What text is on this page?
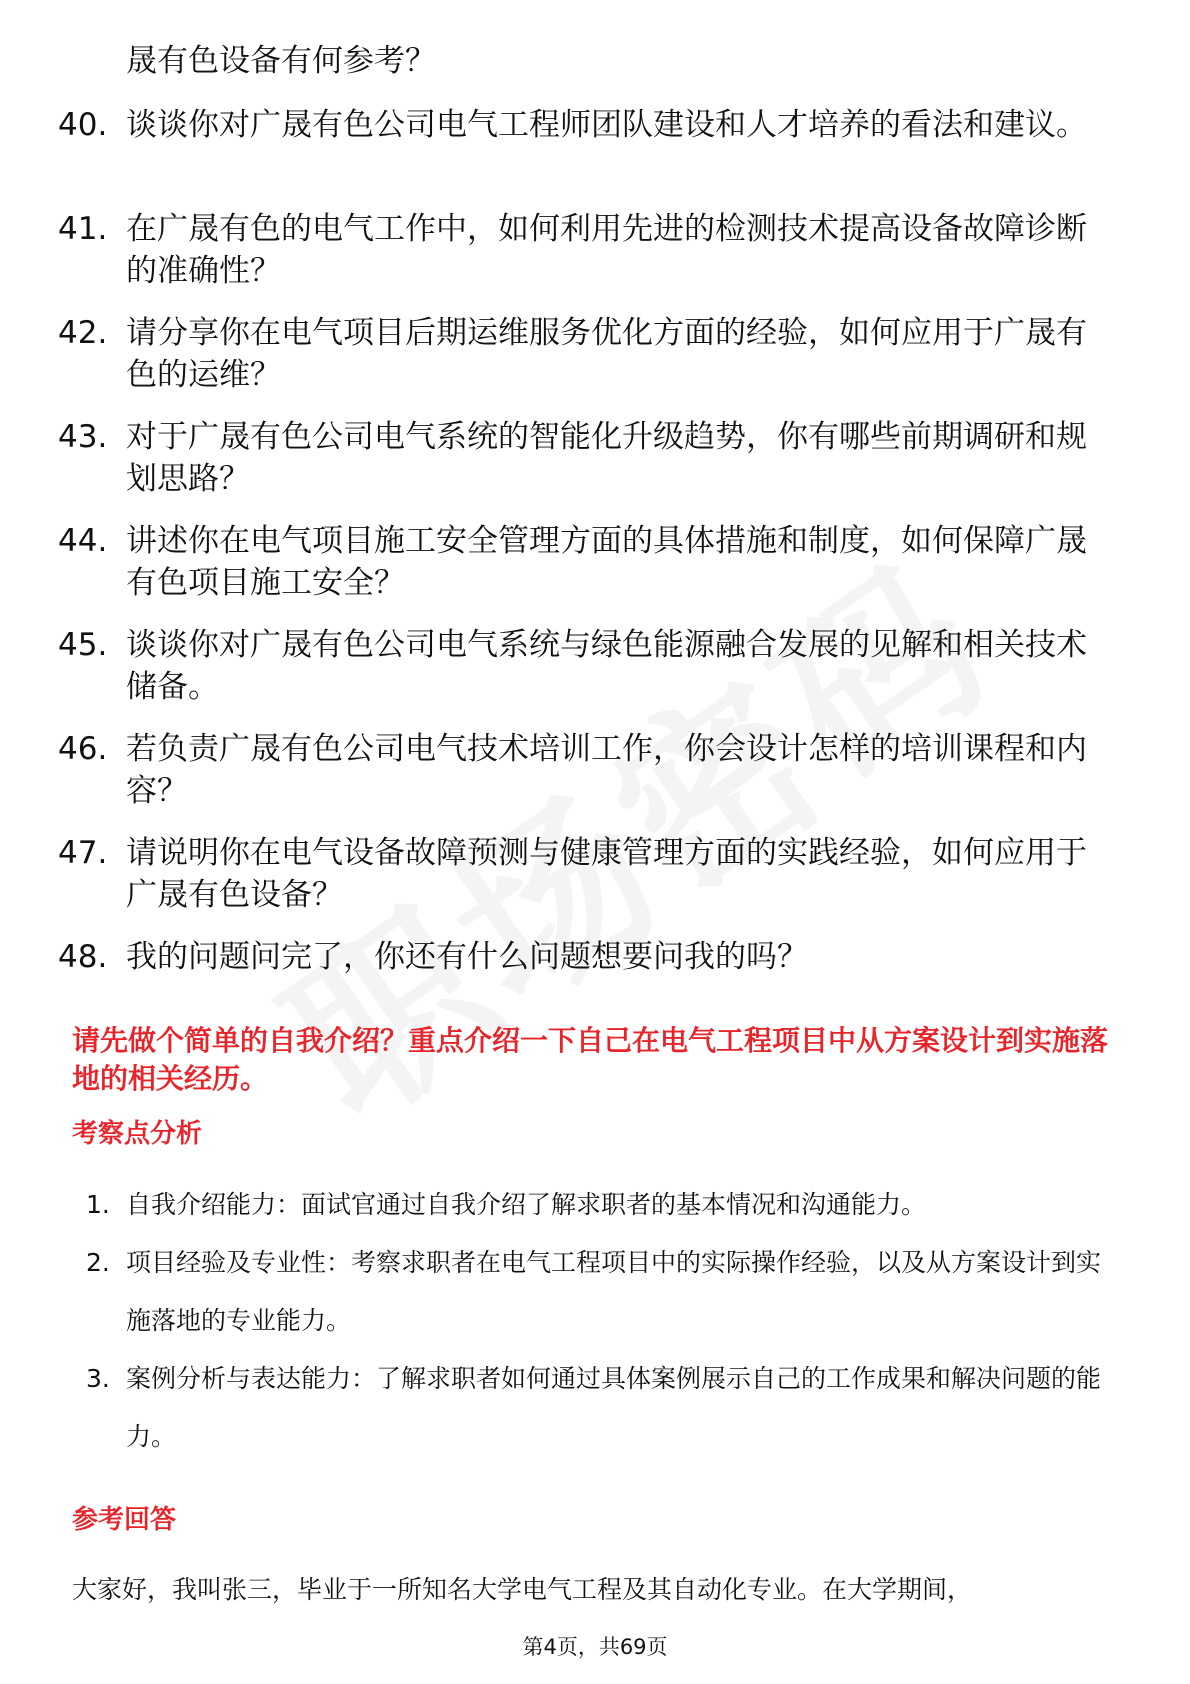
晟有色设备有何参考？
40. 谈谈你对广晟有色公司电气工程师团队建设和人才培养的看法和建议。
41. 在广晟有色的电气工作中，如何利用先进的检测技术提高设备故障诊断的准确性？
42. 请分享你在电气项目后期运维服务优化方面的经验，如何应用于广晟有色的运维？
43. 对于广晟有色公司电气系统的智能化升级趋势，你有哪些前期调研和规划思路？
44. 讲述你在电气项目施工安全管理方面的具体措施和制度，如何保障广晟有色项目施工安全？
45. 谈谈你对广晟有色公司电气系统与绿色能源融合发展的见解和相关技术储备。
46. 若负责广晟有色公司电气技术培训工作，你会设计怎样的培训课程和内容？
47. 请说明你在电气设备故障预测与健康管理方面的实践经验，如何应用于广晟有色设备？
48. 我的问题问完了，你还有什么问题想要问我的吗？
请先做个简单的自我介绍？重点介绍一下自己在电气工程项目中从方案设计到实施落地的相关经历。
考察点分析
1. 自我介绍能力：面试官通过自我介绍了解求职者的基本情况和沟通能力。
2. 项目经验及专业性：考察求职者在电气工程项目中的实际操作经验，以及从方案设计到实施落地的专业能力。
3. 案例分析与表达能力：了解求职者如何通过具体案例展示自己的工作成果和解决问题的能力。
参考回答
大家好，我叫张三，毕业于一所知名大学电气工程及其自动化专业。在大学期间，
第4页，共69页
